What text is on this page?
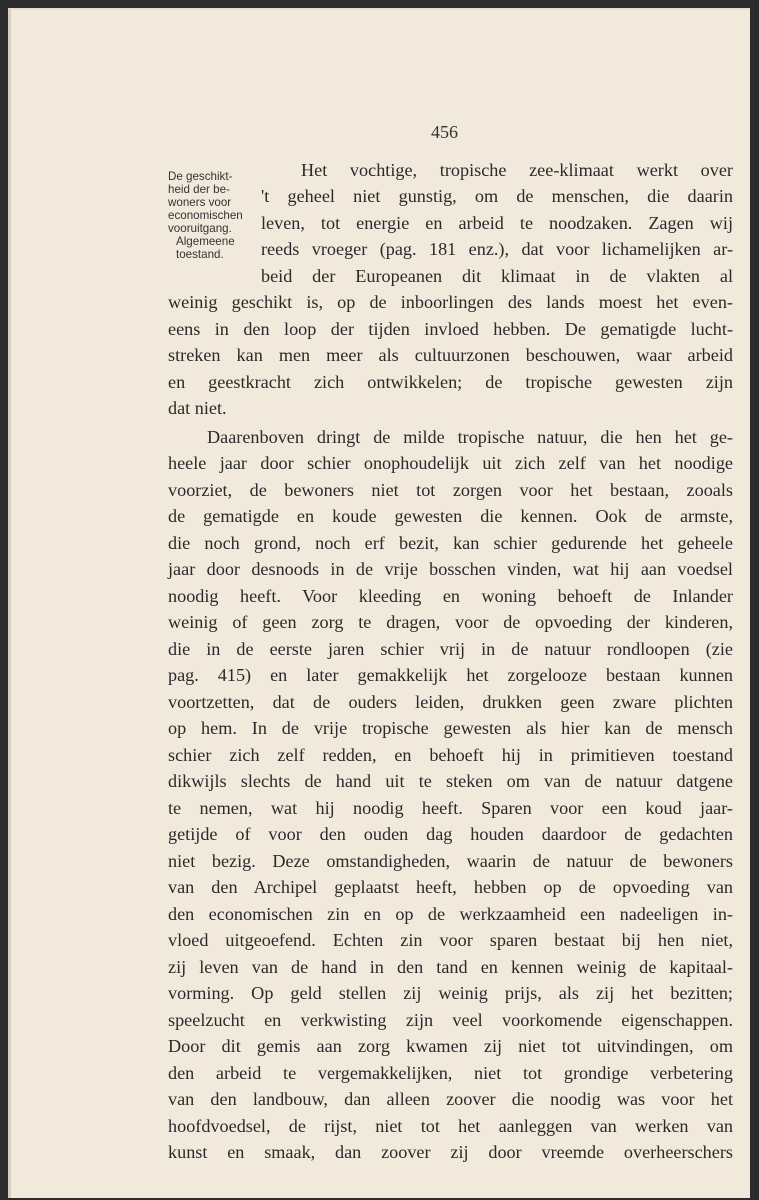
456
De geschikt-
heid der be-
woners voor
economischen
vooruitgang.
Algemeene
toestand.
Het vochtige, tropische zee-klimaat werkt over
't geheel niet gunstig, om de menschen, die daarin
leven, tot energie en arbeid te noodzaken. Zagen wij
reeds vroeger (pag. 181 enz.), dat voor lichamelijken ar-
beid der Europeanen dit klimaat in de vlakten al
weinig geschikt is, op de inboorlingen des lands moest het even-
eens in den loop der tijden invloed hebben. De gematigde lucht-
streken kan men meer als cultuurzonen beschouwen, waar arbeid
en geestkracht zich ontwikkelen; de tropische gewesten zijn
dat niet.
Daarenboven dringt de milde tropische natuur, die hen het ge-
heele jaar door schier onophoudelijk uit zich zelf van het noodige
voorziet, de bewoners niet tot zorgen voor het bestaan, zooals
de gematigde en koude gewesten die kennen. Ook de armste,
die noch grond, noch erf bezit, kan schier gedurende het geheele
jaar door desnoods in de vrije bosschen vinden, wat hij aan voedsel
noodig heeft. Voor kleeding en woning behoeft de Inlander
weinig of geen zorg te dragen, voor de opvoeding der kinderen,
die in de eerste jaren schier vrij in de natuur rondloopen (zie
pag. 415) en later gemakkelijk het zorgelooze bestaan kunnen
voortzetten, dat de ouders leiden, drukken geen zware plichten
op hem. In de vrije tropische gewesten als hier kan de mensch
schier zich zelf redden, en behoeft hij in primitieven toestand
dikwijls slechts de hand uit te steken om van de natuur datgene
te nemen, wat hij noodig heeft. Sparen voor een koud jaar-
getijde of voor den ouden dag houden daardoor de gedachten
niet bezig. Deze omstandigheden, waarin de natuur de bewoners
van den Archipel geplaatst heeft, hebben op de opvoeding van
den economischen zin en op de werkzaamheid een nadeeligen in-
vloed uitgeoefend. Echten zin voor sparen bestaat bij hen niet,
zij leven van de hand in den tand en kennen weinig de kapitaal-
vorming. Op geld stellen zij weinig prijs, als zij het bezitten;
speelzucht en verkwisting zijn veel voorkomende eigenschappen.
Door dit gemis aan zorg kwamen zij niet tot uitvindingen, om
den arbeid te vergemakkelijken, niet tot grondige verbetering
van den landbouw, dan alleen zoover die noodig was voor het
hoofdvoedsel, de rijst, niet tot het aanleggen van werken van
kunst en smaak, dan zoover zij door vreemde overheerschers
